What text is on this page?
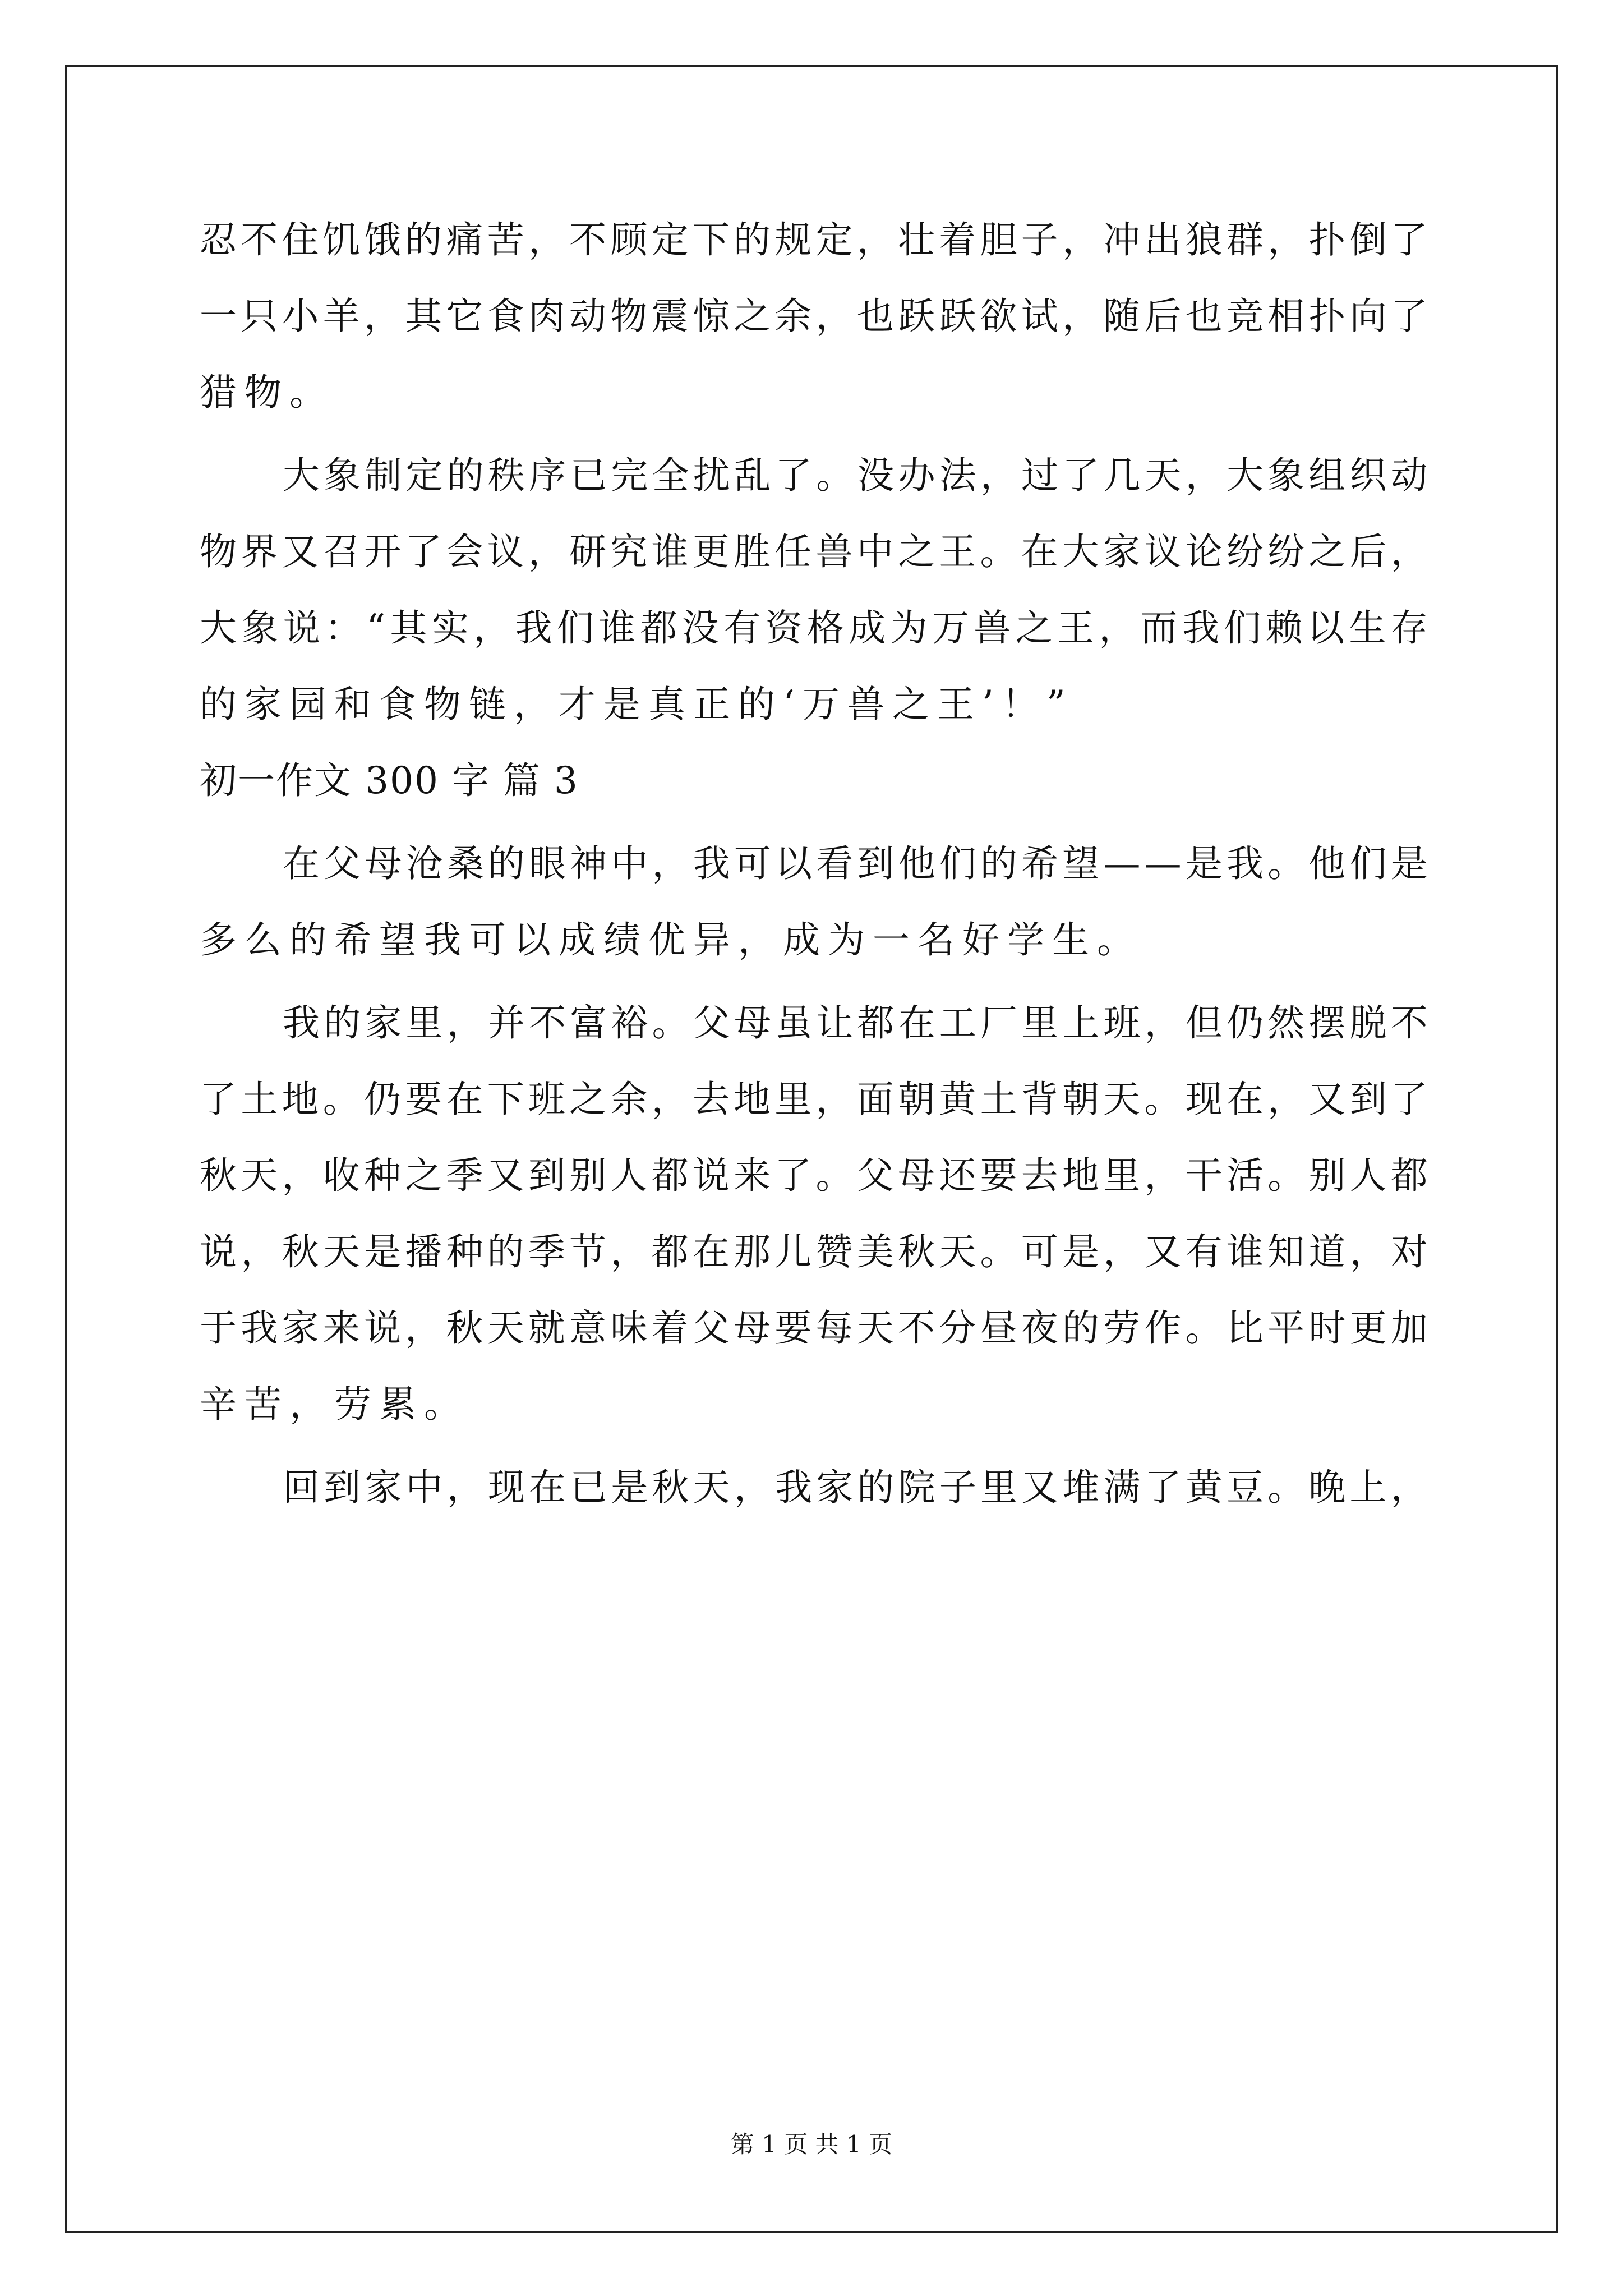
忍 不 住 饥 饿 的 痛 苦 ， 不 顾 定 下 的 规 定 ， 壮 着 胆 子 ， 冲 出 狼 群 ， 扑 倒 了
一 只 小 羊 ， 其 它 食 肉 动 物 震 惊 之 余 ， 也 跃 跃 欲 试 ， 随 后 也 竞 相 扑 向 了
猎物。
大 象 制 定 的 秩 序 已 完 全 扰 乱 了 。 没 办 法 ， 过 了 几 天 ， 大 象 组 织 动
物 界 又 召 开 了 会 议 ， 研 究 谁 更 胜 任 兽 中 之 王 。 在 大 家 议 论 纷 纷 之 后 ，
大 象 说 ： “ 其 实 ， 我 们 谁 都 没 有 资 格 成 为 万 兽 之 王 ， 而 我 们 赖 以 生 存
的家园和食物链，才是真正的‘万兽之王’！”
初一作文 300 字 篇 3
在 父 母 沧 桑 的 眼 神 中 ， 我 可 以 看 到 他 们 的 希 望 — — 是 我 。 他 们 是
多么的希望我可以成绩优异，成为一名好学生。
我 的 家 里 ， 并 不 富 裕 。 父 母 虽 让 都 在 工 厂 里 上 班 ， 但 仍 然 摆 脱 不
了 土 地 。 仍 要 在 下 班 之 余 ， 去 地 里 ， 面 朝 黄 土 背 朝 天 。 现 在 ， 又 到 了
秋 天 ， 收 种 之 季 又 到 别 人 都 说 来 了 。 父 母 还 要 去 地 里 ， 干 活 。 别 人 都
说 ， 秋 天 是 播 种 的 季 节 ， 都 在 那 儿 赞 美 秋 天 。 可 是 ， 又 有 谁 知 道 ， 对
于 我 家 来 说 ， 秋 天 就 意 味 着 父 母 要 每 天 不 分 昼 夜 的 劳 作 。 比 平 时 更 加
辛苦，劳累。
回 到 家 中 ， 现 在 已 是 秋 天 ， 我 家 的 院 子 里 又 堆 满 了 黄 豆 。 晚 上 ，
第 1 页 共 1 页
